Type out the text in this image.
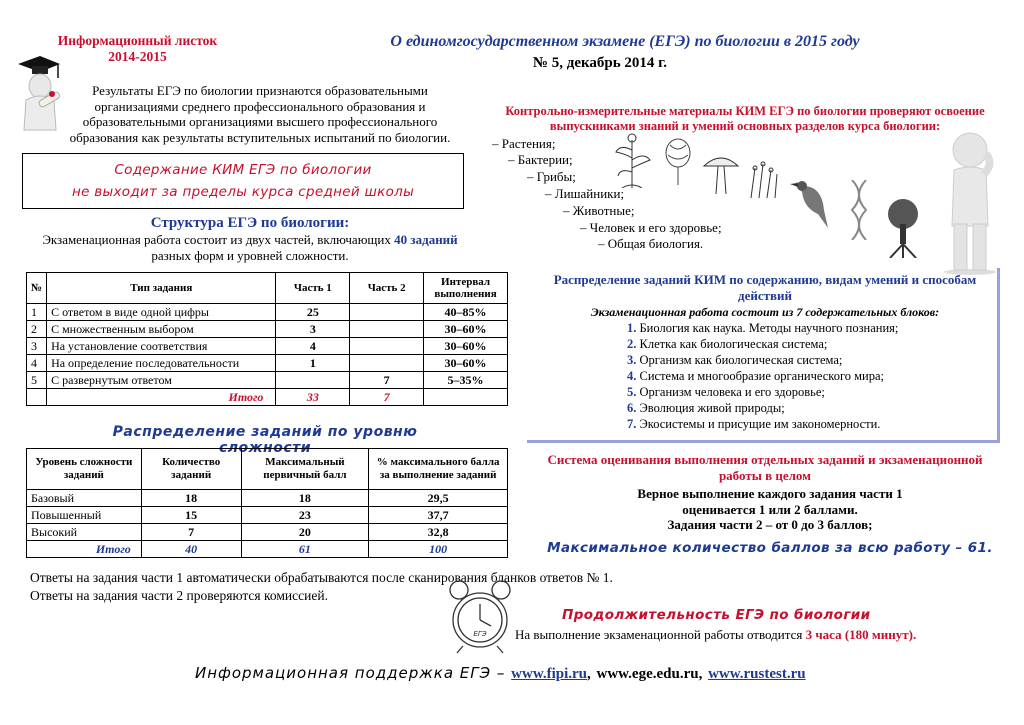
Информационный листок
2014-2015
О единомгосударственном экзамене (ЕГЭ) по биологии в 2015 году
№ 5, декабрь 2014 г.
Результаты ЕГЭ по биологии признаются образовательными организациями среднего профессионального образования и образовательными организациями высшего профессионального образования как результаты вступительных испытаний по биологии.
Содержание КИМ ЕГЭ по биологии
не выходит за пределы курса средней школы
Структура ЕГЭ по биологии:
Экзаменационная работа состоит из двух частей, включающих 40 заданий разных форм и уровней сложности.
№	Тип задания	Часть 1	Часть 2	Интервал выполнения
1	С ответом в виде одной цифры	25		40–85%
2	С множественным выбором	3		30–60%
3	На установление соответствия	4		30–60%
4	На определение последовательности	1		30–60%
5	С развернутым ответом		7	5–35%
	Итого	33	7	
Распределение заданий по уровню сложности
Уровень сложности заданий	Количество заданий	Максимальный первичный балл	% максимального балла за выполнение заданий
Базовый	18	18	29,5
Повышенный	15	23	37,7
Высокий	7	20	32,8
Итого	40	61	100
Ответы на задания части 1 автоматически обрабатываются после сканирования бланков ответов № 1.
Ответы на задания части 2 проверяются комиссией.
Контрольно-измерительные материалы КИМ ЕГЭ по биологии проверяют освоение выпускниками знаний и умений основных разделов курса биологии:
– Растения;
– Бактерии;
– Грибы;
– Лишайники;
– Животные;
– Человек и его здоровье;
– Общая биология.
Распределение заданий КИМ по содержанию, видам умений и способам действий
Экзаменационная работа состоит из 7 содержательных блоков:
1. Биология как наука. Методы научного познания;
2. Клетка как биологическая система;
3. Организм как биологическая система;
4. Система и многообразие органического мира;
5. Организм человека и его здоровье;
6. Эволюция живой природы;
7. Экосистемы и присущие им закономерности.
Система оценивания выполнения отдельных заданий и экзаменационной работы в целом
Верное выполнение каждого задания части 1
оценивается 1 или 2 баллами.
Задания части 2 – от 0 до 3 баллов;
Максимальное количество баллов за всю работу – 61.
ЕГЭ
Продолжительность ЕГЭ по биологии
На выполнение экзаменационной работы отводится 3 часа (180 минут).
Информационная поддержка ЕГЭ – www.fipi.ru, www.ege.edu.ru, www.rustest.ru
